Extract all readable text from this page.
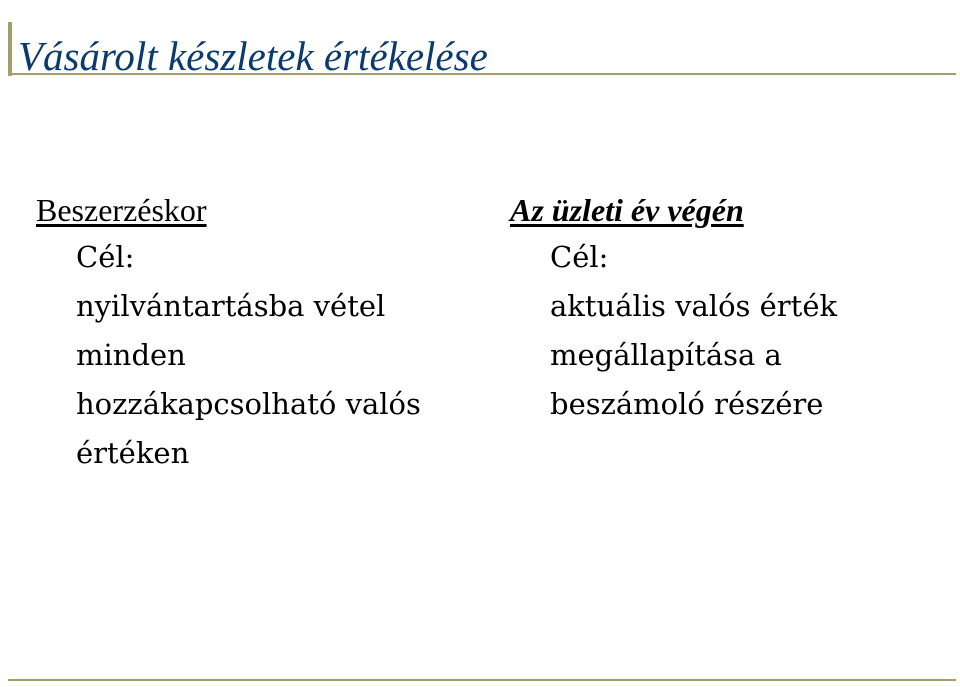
Vásárolt készletek értékelése
Beszerzéskor
Cél:
nyilvántartásba vétel
minden
hozzákapcsolható valós
értéken
Az üzleti év végén
Cél:
aktuális valós érték
megállapítása a
beszámoló részére
